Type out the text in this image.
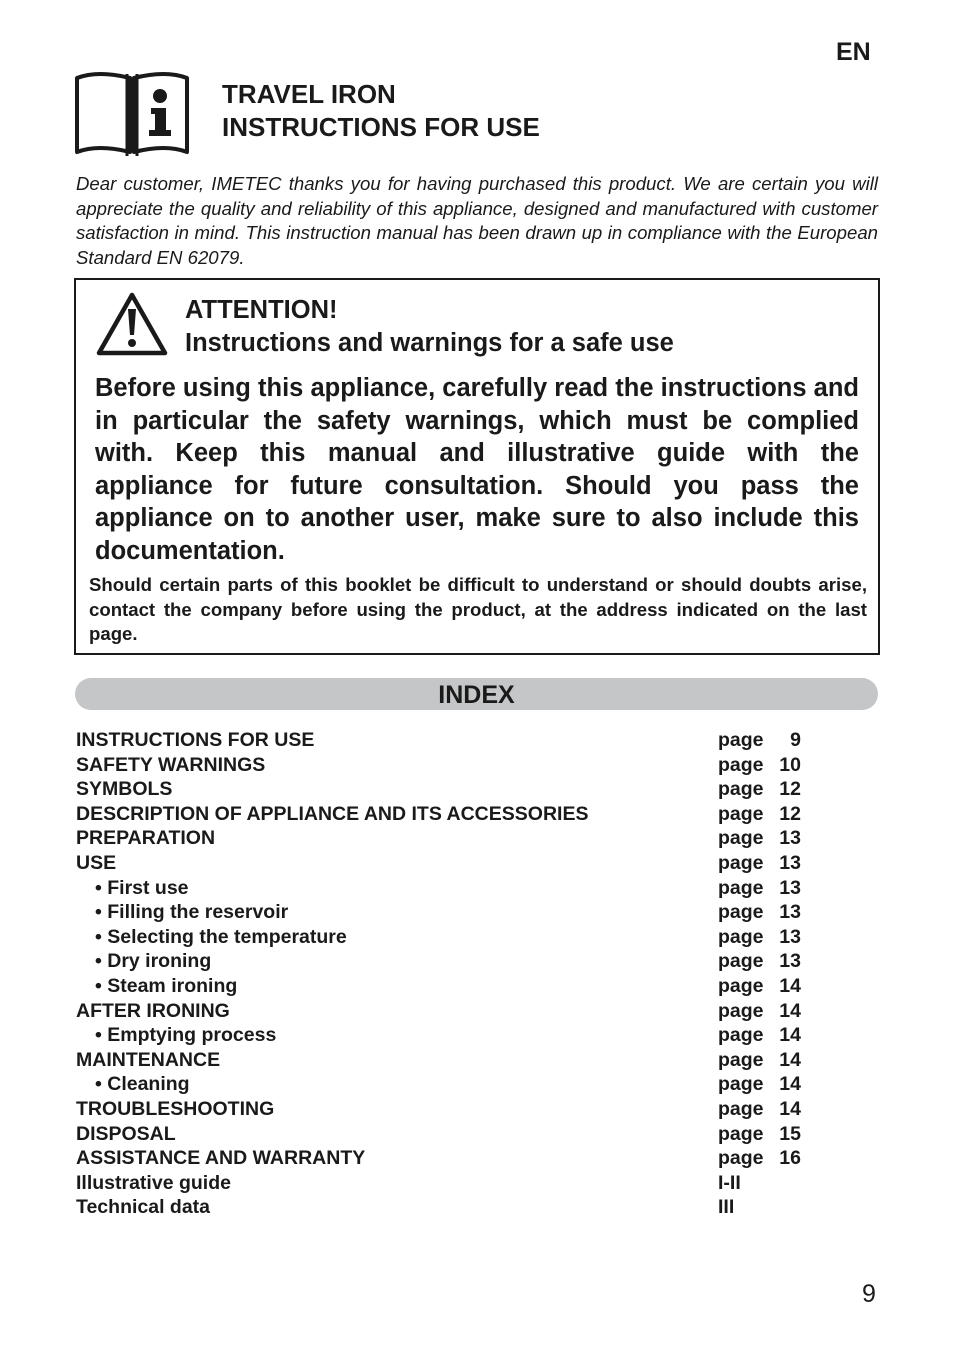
EN
TRAVEL IRON
INSTRUCTIONS FOR USE
Dear customer, IMETEC thanks you for having purchased this product. We are certain you will appreciate the quality and reliability of this appliance, designed and manufactured with customer satisfaction in mind. This instruction manual has been drawn up in compliance with the European Standard EN 62079.
ATTENTION!
Instructions and warnings for a safe use
Before using this appliance, carefully read the instructions and in particular the safety warnings, which must be complied with. Keep this manual and illustrative guide with the appliance for future consultation. Should you pass the appliance on to another user, make sure to also include this documentation.
Should certain parts of this booklet be difficult to understand or should doubts arise, contact the company before using the product, at the address indicated on the last page.
INDEX
INSTRUCTIONS FOR USE	page 9
SAFETY WARNINGS	page 10
SYMBOLS	page 12
DESCRIPTION OF APPLIANCE AND ITS ACCESSORIES	page 12
PREPARATION	page 13
USE	page 13
• First use	page 13
• Filling the reservoir	page 13
• Selecting the temperature	page 13
• Dry ironing	page 13
• Steam ironing	page 14
AFTER IRONING	page 14
• Emptying process	page 14
MAINTENANCE	page 14
• Cleaning	page 14
TROUBLESHOOTING	page 14
DISPOSAL	page 15
ASSISTANCE AND WARRANTY	page 16
Illustrative guide	I-II
Technical data	III
9
